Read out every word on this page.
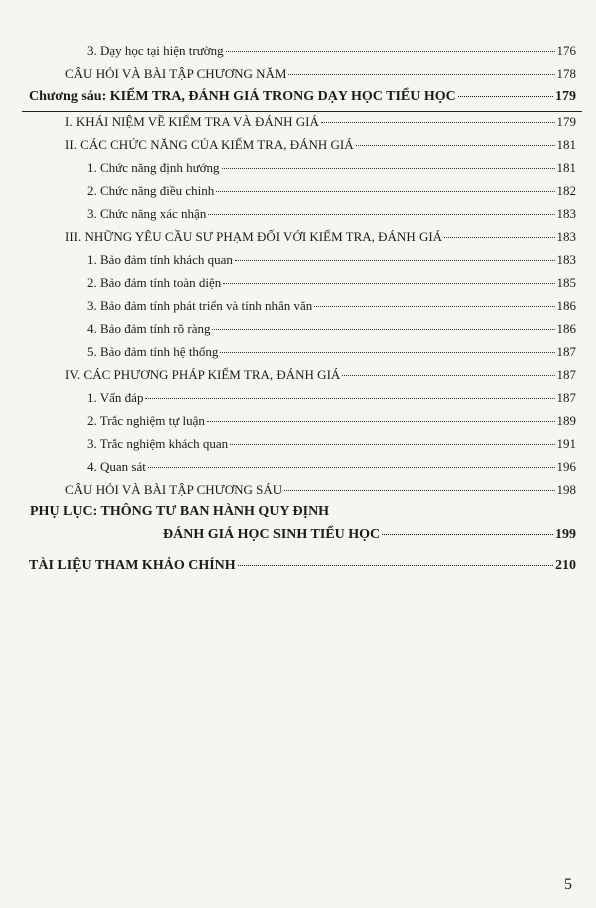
3. Dạy học tại hiện trường	176
CÂU HỎI VÀ BÀI TẬP CHƯƠNG NĂM	178
Chương sáu: KIỂM TRA, ĐÁNH GIÁ TRONG DẠY HỌC TIỂU HỌC	179
I. KHÁI NIỆM VỀ KIỂM TRA VÀ ĐÁNH GIÁ	179
II. CÁC CHỨC NĂNG CỦA KIỂM TRA, ĐÁNH GIÁ	181
1. Chức năng định hướng	181
2. Chức năng điều chỉnh	182
3. Chức năng xác nhận	183
III. NHỮNG YÊU CẦU SƯ PHẠM ĐỐI VỚI KIỂM TRA, ĐÁNH GIÁ	183
1. Bảo đảm tính khách quan	183
2. Bảo đảm tính toàn diện	185
3. Bảo đảm tính phát triển và tính nhân văn	186
4. Bảo đảm tính rõ ràng	186
5. Bảo đảm tính hệ thống	187
IV. CÁC PHƯƠNG PHÁP KIỂM TRA, ĐÁNH GIÁ	187
1. Vấn đáp	187
2. Trắc nghiệm tự luận	189
3. Trắc nghiệm khách quan	191
4. Quan sát	196
CÂU HỎI VÀ BÀI TẬP CHƯƠNG SÁU	198
PHỤ LỤC: THÔNG TƯ BAN HÀNH QUY ĐỊNH
ĐÁNH GIÁ HỌC SINH TIỂU HỌC	199
TÀI LIỆU THAM KHẢO CHÍNH	210
5
